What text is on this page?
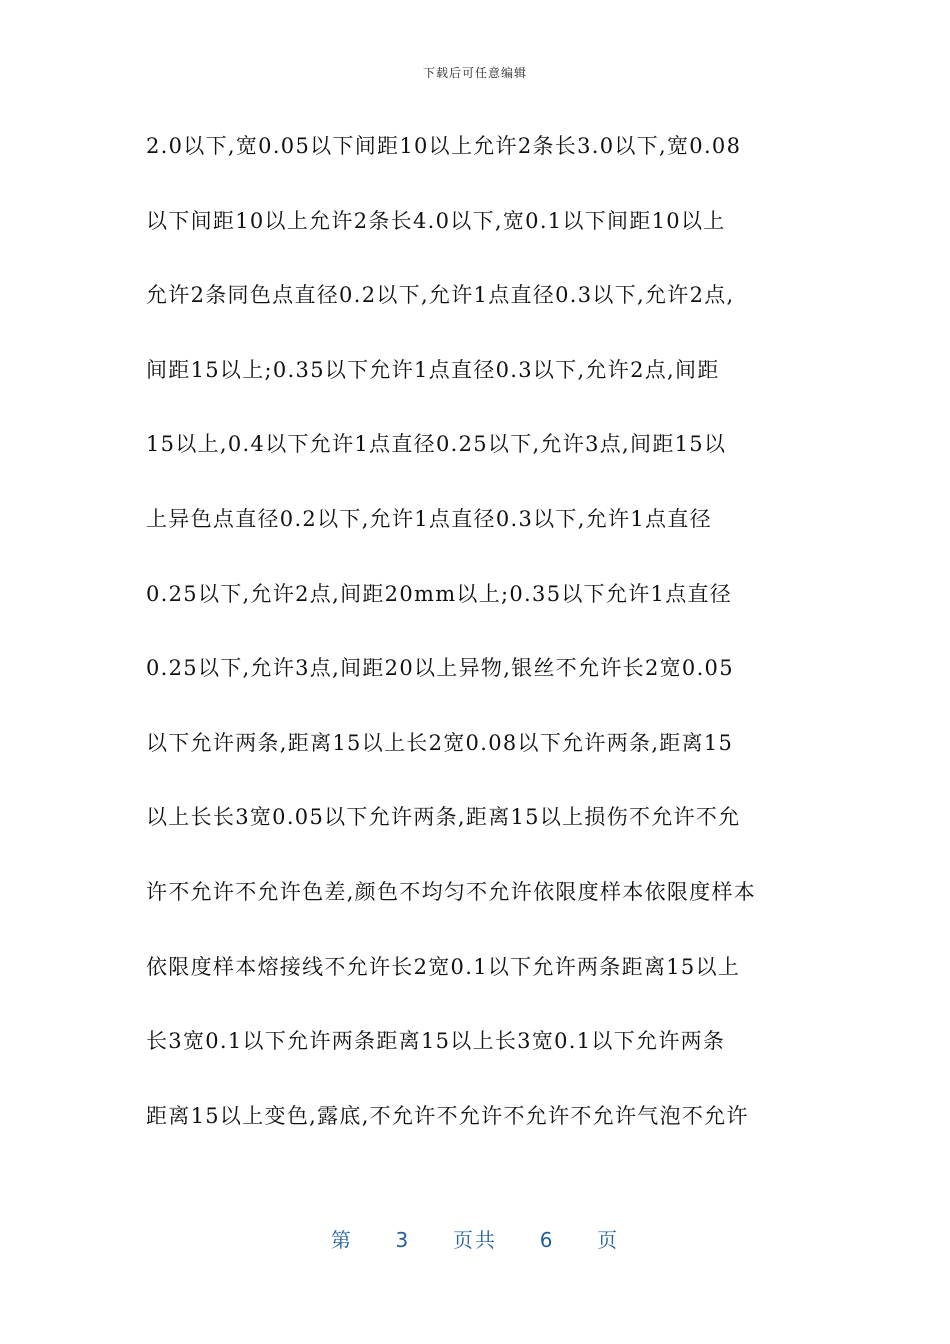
下载后可任意编辑
2.0以下,宽0.05以下间距10以上允许2条长3.0以下,宽0.08
以下间距10以上允许2条长4.0以下,宽0.1以下间距10以上
允许2条同色点直径0.2以下,允许1点直径0.3以下,允许2点,
间距15以上;0.35以下允许1点直径0.3以下,允许2点,间距
15以上,0.4以下允许1点直径0.25以下,允许3点,间距15以
上异色点直径0.2以下,允许1点直径0.3以下,允许1点直径
0.25以下,允许2点,间距20mm以上;0.35以下允许1点直径
0.25以下,允许3点,间距20以上异物,银丝不允许长2宽0.05
以下允许两条,距离15以上长2宽0.08以下允许两条,距离15
以上长长3宽0.05以下允许两条,距离15以上损伤不允许不允
许不允许不允许色差,颜色不均匀不允许依限度样本依限度样本
依限度样本熔接线不允许长2宽0.1以下允许两条距离15以上
长3宽0.1以下允许两条距离15以上长3宽0.1以下允许两条
距离15以上变色,露底,不允许不允许不允许不允许气泡不允许
第 3 页共 6 页
